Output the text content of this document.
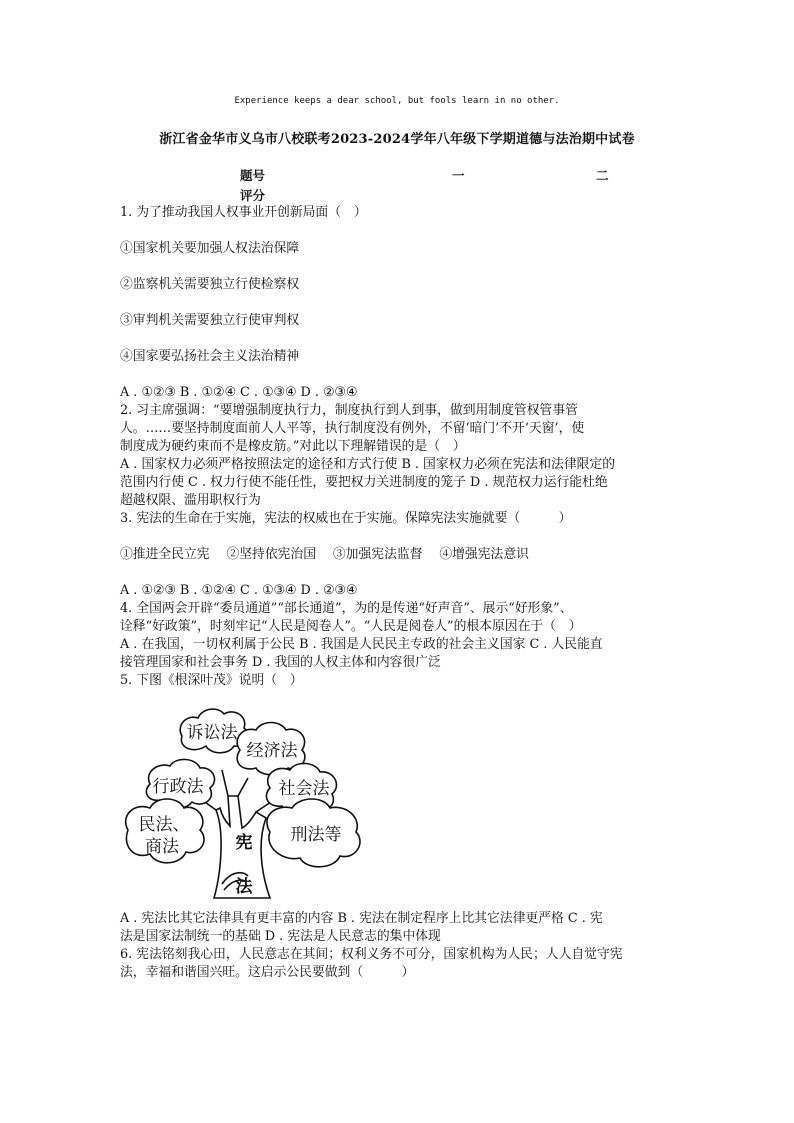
Experience keeps a dear school, but fools learn in no other.
浙江省金华市义乌市八校联考2023-2024学年八年级下学期道德与法治期中试卷
题号	一	二
评分
1. 为了推动我国人权事业开创新局面（　）
①国家机关要加强人权法治保障
②监察机关需要独立行使检察权
③审判机关需要独立行使审判权
④国家要弘扬社会主义法治精神
A . ①②③ B . ①②④ C . ①③④ D . ②③④
2. 习主席强调：“要增强制度执行力，制度执行到人到事，做到用制度管权管事管
人。……要坚持制度面前人人平等，执行制度没有例外，不留‘暗门’不开‘天窗’，使
制度成为硬约束而不是橡皮筋。”对此以下理解错误的是（　）
A . 国家权力必须严格按照法定的途径和方式行使 B . 国家权力必须在宪法和法律限定的
范围内行使 C . 权力行使不能任性，要把权力关进制度的笼子 D . 规范权力运行能杜绝
超越权限、滥用职权行为
3. 宪法的生命在于实施，宪法的权威也在于实施。保障宪法实施就要（　　　）
①推进全民立宪　 ②坚持依宪治国　 ③加强宪法监督　 ④增强宪法意识
A . ①②③ B . ①②④ C . ①③④ D . ②③④
4. 全国两会开辟“委员通道”“部长通道”，为的是传递“好声音”、展示“好形象”、
诠释“好政策”，时刻牢记“人民是阅卷人”。“人民是阅卷人”的根本原因在于（　）
A . 在我国，一切权利属于公民 B . 我国是人民民主专政的社会主义国家 C . 人民能直
接管理国家和社会事务 D . 我国的人权主体和内容很广泛
5. 下图《根深叶茂》说明（　）
诉讼法
经济法
行政法	社会法
民法、
商法
刑法等
宪
法
A . 宪法比其它法律具有更丰富的内容 B . 宪法在制定程序上比其它法律更严格 C . 宪
法是国家法制统一的基础 D . 宪法是人民意志的集中体现
6. 宪法铭刻我心田，人民意志在其间；权利义务不可分，国家机构为人民；人人自觉守宪
法，幸福和谐国兴旺。这启示公民要做到（　　　）
